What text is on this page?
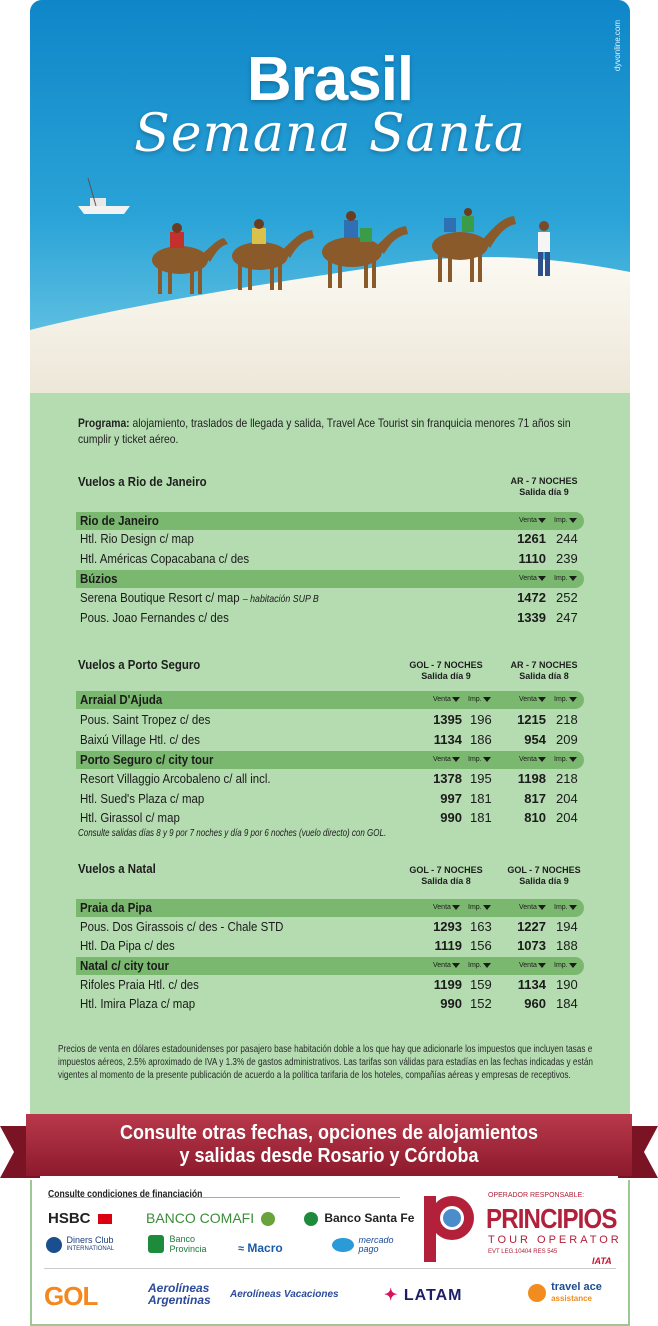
Brasil
Semana Santa
dyvonline.com
Programa: alojamiento, traslados de llegada y salida, Travel Ace Tourist sin franquicia menores 71 años sin cumplir y ticket aéreo.
Vuelos a Rio de Janeiro	AR - 7 NOCHES
Salida día 9
Rio de Janeiro	Venta	Imp.
Htl. Rio Design c/ map	1261 244
Htl. Américas Copacabana c/ des	1110 239
Búzios	Venta	Imp.
Serena Boutique Resort c/ map – habitación SUP B	1472 252
Pous. Joao Fernandes c/ des	1339 247
Vuelos a Porto Seguro	GOL - 7 NOCHES
Salida día 9
AR - 7 NOCHES
Salida día 8
Arraial D'Ajuda	Venta	Imp.	Venta	Imp.
Pous. Saint Tropez c/ des	1395 196	1215 218
Baixú Village Htl. c/ des	1134 186	954 209
Porto Seguro c/ city tour	Venta	Imp.	Venta	Imp.
Resort Villaggio Arcobaleno c/ all incl.	1378 195	1198 218
Htl. Sued's Plaza c/ map	997 181	817 204
Htl. Girassol c/ map	990 181	810 204
Consulte salidas días 8 y 9 por 7 noches y día 9 por 6 noches (vuelo directo) con GOL.
Vuelos a Natal	GOL - 7 NOCHES
Salida día 8
GOL - 7 NOCHES
Salida día 9
Praia da Pipa	Venta	Imp.	Venta	Imp.
Pous. Dos Girassois c/ des - Chale STD	1293 163	1227 194
Htl. Da Pipa c/ des	1119 156	1073 188
Natal c/ city tour	Venta	Imp.	Venta	Imp.
Rifoles Praia Htl. c/ des	1199 159	1134 190
Htl. Imira Plaza c/ map	990 152	960 184
Precios de venta en dólares estadounidenses por pasajero base habitación doble a los que hay que adicionarle los impuestos que incluyen tasas e impuestos aéreos, 2.5% aproximado de IVA y 1.3% de gastos administrativos. Las tarifas son válidas para estadías en las fechas indicadas y están vigentes al momento de la presente publicación de acuerdo a la política tarifaria de los hoteles, compañías aéreas y empresas de receptivos.
Consulte otras fechas, opciones de alojamientos
y salidas desde Rosario y Córdoba
Consulte condiciones de financiación
HSBC	BANCO COMAFI	Banco Santa Fe

Diners Club
INTERNATIONAL

Banco
Provincia	≈ Macro

mercado
pago
OPERADOR RESPONSABLE:
PRINCIPIOS
TOUR OPERATOR
EVT LEG.10404 RES 545
IATA
GOL	Aerolíneas
Argentinas Aerolíneas Vacaciones	✦ LATAM
	travel ace
assistance
